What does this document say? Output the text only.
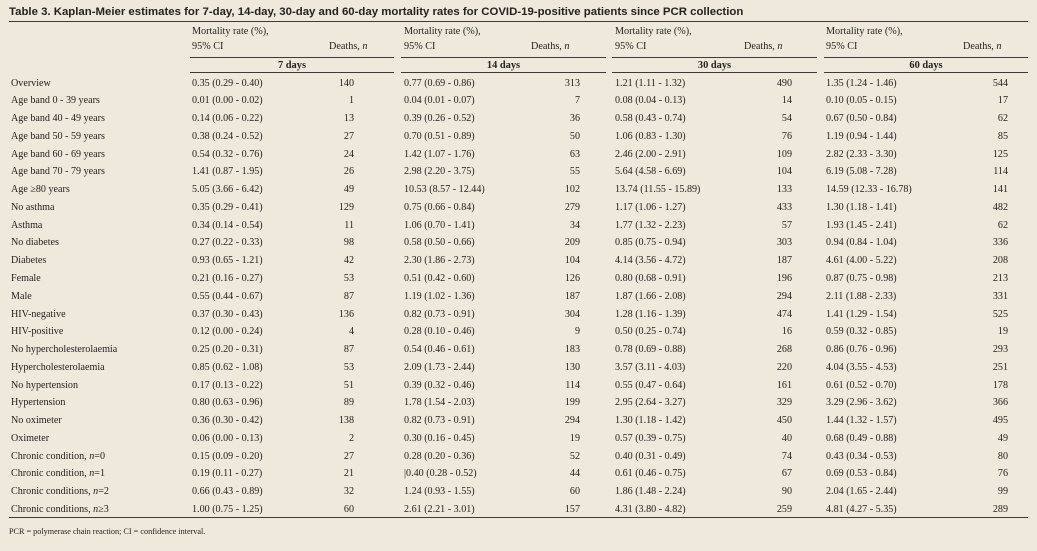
Table 3. Kaplan-Meier estimates for 7-day, 14-day, 30-day and 60-day mortality rates for COVID-19-positive patients since PCR collection
Mortality rate (%),
95% CI	Deaths, n
7 days
Mortality rate (%),
95% CI	Deaths, n
14 days
Mortality rate (%),
95% CI	Deaths, n
30 days
Mortality rate (%),
95% CI	Deaths, n
60 days
Overview	0.35 (0.29 - 0.40)	140	0.77 (0.69 - 0.86)	313	1.21 (1.11 - 1.32)	490	1.35 (1.24 - 1.46)	544
Age band 0 - 39 years	0.01 (0.00 - 0.02)	1	0.04 (0.01 - 0.07)	7	0.08 (0.04 - 0.13)	14	0.10 (0.05 - 0.15)	17
Age band 40 - 49 years	0.14 (0.06 - 0.22)	13	0.39 (0.26 - 0.52)	36	0.58 (0.43 - 0.74)	54	0.67 (0.50 - 0.84)	62
Age band 50 - 59 years	0.38 (0.24 - 0.52)	27	0.70 (0.51 - 0.89)	50	1.06 (0.83 - 1.30)	76	1.19 (0.94 - 1.44)	85
Age band 60 - 69 years	0.54 (0.32 - 0.76)	24	1.42 (1.07 - 1.76)	63	2.46 (2.00 - 2.91)	109	2.82 (2.33 - 3.30)	125
Age band 70 - 79 years	1.41 (0.87 - 1.95)	26	2.98 (2.20 - 3.75)	55	5.64 (4.58 - 6.69)	104	6.19 (5.08 - 7.28)	114
Age ≥80 years	5.05 (3.66 - 6.42)	49	10.53 (8.57 - 12.44)	102	13.74 (11.55 - 15.89)	133	14.59 (12.33 - 16.78)	141
No asthma	0.35 (0.29 - 0.41)	129	0.75 (0.66 - 0.84)	279	1.17 (1.06 - 1.27)	433	1.30 (1.18 - 1.41)	482
Asthma	0.34 (0.14 - 0.54)	11	1.06 (0.70 - 1.41)	34	1.77 (1.32 - 2.23)	57	1.93 (1.45 - 2.41)	62
No diabetes	0.27 (0.22 - 0.33)	98	0.58 (0.50 - 0.66)	209	0.85 (0.75 - 0.94)	303	0.94 (0.84 - 1.04)	336
Diabetes	0.93 (0.65 - 1.21)	42	2.30 (1.86 - 2.73)	104	4.14 (3.56 - 4.72)	187	4.61 (4.00 - 5.22)	208
Female	0.21 (0.16 - 0.27)	53	0.51 (0.42 - 0.60)	126	0.80 (0.68 - 0.91)	196	0.87 (0.75 - 0.98)	213
Male	0.55 (0.44 - 0.67)	87	1.19 (1.02 - 1.36)	187	1.87 (1.66 - 2.08)	294	2.11 (1.88 - 2.33)	331
HIV-negative	0.37 (0.30 - 0.43)	136	0.82 (0.73 - 0.91)	304	1.28 (1.16 - 1.39)	474	1.41 (1.29 - 1.54)	525
HIV-positive	0.12 (0.00 - 0.24)	4	0.28 (0.10 - 0.46)	9	0.50 (0.25 - 0.74)	16	0.59 (0.32 - 0.85)	19
No hypercholesterolaemia	0.25 (0.20 - 0.31)	87	0.54 (0.46 - 0.61)	183	0.78 (0.69 - 0.88)	268	0.86 (0.76 - 0.96)	293
Hypercholesterolaemia	0.85 (0.62 - 1.08)	53	2.09 (1.73 - 2.44)	130	3.57 (3.11 - 4.03)	220	4.04 (3.55 - 4.53)	251
No hypertension	0.17 (0.13 - 0.22)	51	0.39 (0.32 - 0.46)	114	0.55 (0.47 - 0.64)	161	0.61 (0.52 - 0.70)	178
Hypertension	0.80 (0.63 - 0.96)	89	1.78 (1.54 - 2.03)	199	2.95 (2.64 - 3.27)	329	3.29 (2.96 - 3.62)	366
No oximeter	0.36 (0.30 - 0.42)	138	0.82 (0.73 - 0.91)	294	1.30 (1.18 - 1.42)	450	1.44 (1.32 - 1.57)	495
Oximeter	0.06 (0.00 - 0.13)	2	0.30 (0.16 - 0.45)	19	0.57 (0.39 - 0.75)	40	0.68 (0.49 - 0.88)	49
Chronic condition, n=0	0.15 (0.09 - 0.20)	27	0.28 (0.20 - 0.36)	52	0.40 (0.31 - 0.49)	74	0.43 (0.34 - 0.53)	80
Chronic condition, n=1	0.19 (0.11 - 0.27)	21	|0.40 (0.28 - 0.52)	44	0.61 (0.46 - 0.75)	67	0.69 (0.53 - 0.84)	76
Chronic conditions, n=2	0.66 (0.43 - 0.89)	32	1.24 (0.93 - 1.55)	60	1.86 (1.48 - 2.24)	90	2.04 (1.65 - 2.44)	99
Chronic conditions, n≥3	1.00 (0.75 - 1.25)	60	2.61 (2.21 - 3.01)	157	4.31 (3.80 - 4.82)	259	4.81 (4.27 - 5.35)	289
PCR = polymerase chain reaction; CI = confidence interval.
